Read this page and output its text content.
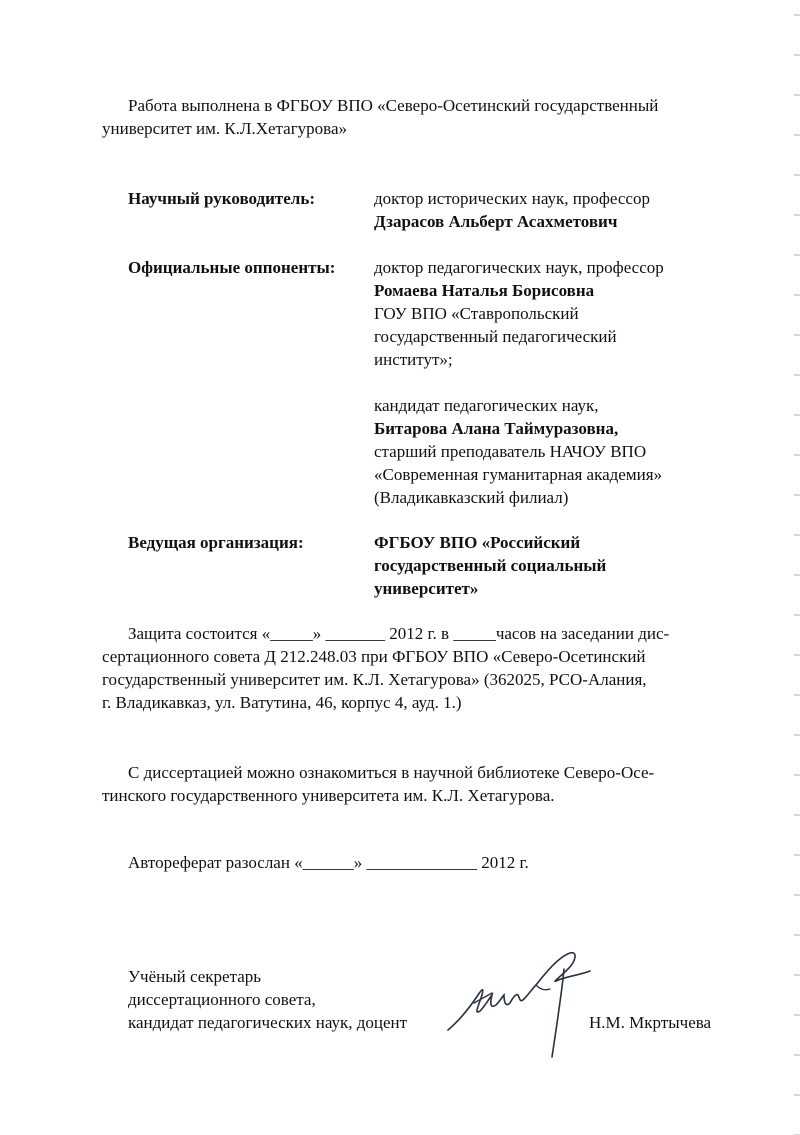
Работа выполнена в ФГБОУ ВПО «Северо-Осетинский государственный

университет им. К.Л.Хетагурова»

Научный руководитель:	доктор исторических наук, профессор
Дзарасов Альберт Асахметович
Официальные оппоненты: доктор педагогических наук, профессор
Ромаева Наталья Борисовна
ГОУ ВПО «Ставропольский
государственный педагогический
институт»;
кандидат педагогических наук,
Битарова Алана Таймуразовна,
старший преподаватель НАЧОУ ВПО
«Современная гуманитарная академия»
(Владикавказский филиал)
Ведущая организация:	ФГБОУ ВПО «Российский
государственный социальный
университет»

Защита состоится «_____» _______ 2012 г. в _____часов на заседании дис-

сертационного совета Д 212.248.03 при ФГБОУ ВПО «Северо-Осетинский

государственный университет им. К.Л. Хетагурова» (362025, РСО-Алания,

г. Владикавказ, ул. Ватутина, 46, корпус 4, ауд. 1.)

С диссертацией можно ознакомиться в научной библиотеке Северо-Осе-

тинского государственного университета им. К.Л. Хетагурова.

Автореферат разослан «______» _____________ 2012 г.

Учёный секретарь

диссертационного совета,

кандидат педагогических наук, доцент	Н.М. Мкртычева
